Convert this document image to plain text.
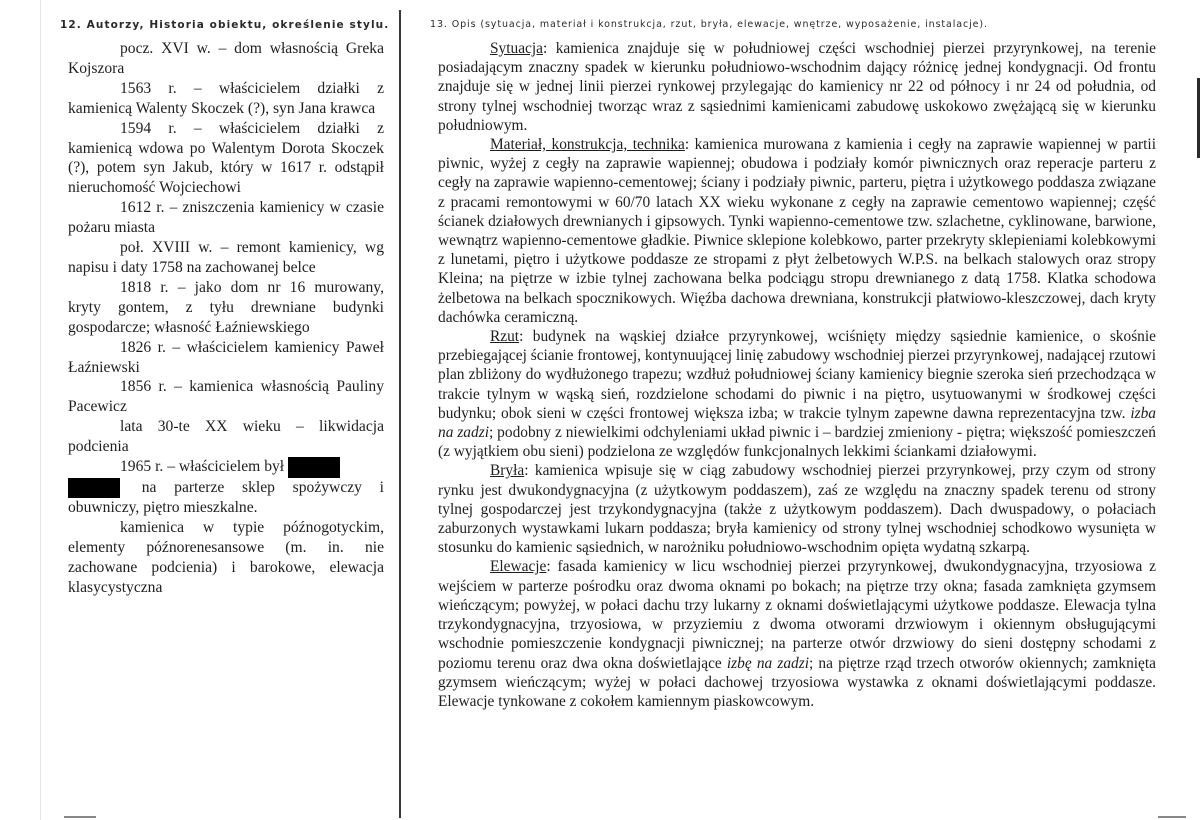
12. Autorzy, Historia obiektu, określenie stylu.

pocz. XVI w. – dom własnością Greka Kojszora

1563 r. – właścicielem działki z kamienicą Walenty Skoczek (?), syn Jana krawca

1594 r. – właścicielem działki z kamienicą wdowa po Walentym Dorota Skoczek (?), potem syn Jakub, który w 1617 r. odstąpił nieruchomość Wojciechowi

1612 r. – zniszczenia kamienicy w czasie pożaru miasta

poł. XVIII w. – remont kamienicy, wg napisu i daty 1758 na zachowanej belce

1818 r. – jako dom nr 16 murowany, kryty gontem, z tyłu drewniane budynki gospodarcze; własność Łaźniewskiego

1826 r. – właścicielem kamienicy Paweł Łaźniewski

1856 r. – kamienica własnością Pauliny Pacewicz

lata 30-te XX wieku – likwidacja podcienia

1965 r. – właścicielem był
na parterze sklep spożywczy i obuwniczy, piętro mieszkalne.

kamienica w typie późnogotyckim, elementy późnorenesansowe (m. in. nie zachowane podcienia) i barokowe, elewacja klasycystyczna

13. Opis (sytuacja, materiał i konstrukcja, rzut, bryła, elewacje, wnętrze, wyposażenie, instalacje).

Sytuacja: kamienica znajduje się w południowej części wschodniej pierzei przyrynkowej, na terenie posiadającym znaczny spadek w kierunku południowo-wschodnim dający różnicę jednej kondygnacji. Od frontu znajduje się w jednej linii pierzei rynkowej przylegając do kamienicy nr 22 od północy i nr 24 od południa, od strony tylnej wschodniej tworząc wraz z sąsiednimi kamienicami zabudowę uskokowo zwężającą się w kierunku południowym.

Materiał, konstrukcja, technika: kamienica murowana z kamienia i cegły na zaprawie wapiennej w partii piwnic, wyżej z cegły na zaprawie wapiennej; obudowa i podziały komór piwnicznych oraz reperacje parteru z cegły na zaprawie wapienno-cementowej; ściany i podziały piwnic, parteru, piętra i użytkowego poddasza związane z pracami remontowymi w 60/70 latach XX wieku wykonane z cegły na zaprawie cementowo wapiennej; część ścianek działowych drewnianych i gipsowych. Tynki wapienno-cementowe tzw. szlachetne, cyklinowane, barwione, wewnątrz wapienno-cementowe gładkie. Piwnice sklepione kolebkowo, parter przekryty sklepieniami kolebkowymi z lunetami, piętro i użytkowe poddasze ze stropami z płyt żelbetowych W.P.S. na belkach stalowych oraz stropy Kleina; na piętrze w izbie tylnej zachowana belka podciągu stropu drewnianego z datą 1758. Klatka schodowa żelbetowa na belkach spocznikowych. Więźba dachowa drewniana, konstrukcji płatwiowo-kleszczowej, dach kryty dachówka ceramiczną.

Rzut: budynek na wąskiej działce przyrynkowej, wciśnięty między sąsiednie kamienice, o skośnie przebiegającej ścianie frontowej, kontynuującej linię zabudowy wschodniej pierzei przyrynkowej, nadającej rzutowi plan zbliżony do wydłużonego trapezu; wzdłuż południowej ściany kamienicy biegnie szeroka sień przechodząca w trakcie tylnym w wąską sień, rozdzielone schodami do piwnic i na piętro, usytuowanymi w środkowej części budynku; obok sieni w części frontowej większa izba; w trakcie tylnym zapewne dawna reprezentacyjna tzw. izba na zadzi; podobny z niewielkimi odchyleniami układ piwnic i – bardziej zmieniony - piętra; większość pomieszczeń (z wyjątkiem obu sieni) podzielona ze względów funkcjonalnych lekkimi ściankami działowymi.

Bryła: kamienica wpisuje się w ciąg zabudowy wschodniej pierzei przyrynkowej, przy czym od strony rynku jest dwukondygnacyjna (z użytkowym poddaszem), zaś ze względu na znaczny spadek terenu od strony tylnej gospodarczej jest trzykondygnacyjna (także z użytkowym poddaszem). Dach dwuspadowy, o połaciach zaburzonych wystawkami lukarn poddasza; bryła kamienicy od strony tylnej wschodniej schodkowo wysunięta w stosunku do kamienic sąsiednich, w narożniku południowo-wschodnim opięta wydatną szkarpą.

Elewacje: fasada kamienicy w licu wschodniej pierzei przyrynkowej, dwukondygnacyjna, trzyosiowa z wejściem w parterze pośrodku oraz dwoma oknami po bokach; na piętrze trzy okna; fasada zamknięta gzymsem wieńczącym; powyżej, w połaci dachu trzy lukarny z oknami doświetlającymi użytkowe poddasze. Elewacja tylna trzykondygnacyjna, trzyosiowa, w przyziemiu z dwoma otworami drzwiowym i okiennym obsługującymi wschodnie pomieszczenie kondygnacji piwnicznej; na parterze otwór drzwiowy do sieni dostępny schodami z poziomu terenu oraz dwa okna doświetlające izbę na zadzi; na piętrze rząd trzech otworów okiennych; zamknięta gzymsem wieńczącym; wyżej w połaci dachowej trzyosiowa wystawka z oknami doświetlającymi poddasze. Elewacje tynkowane z cokołem kamiennym piaskowcowym.
